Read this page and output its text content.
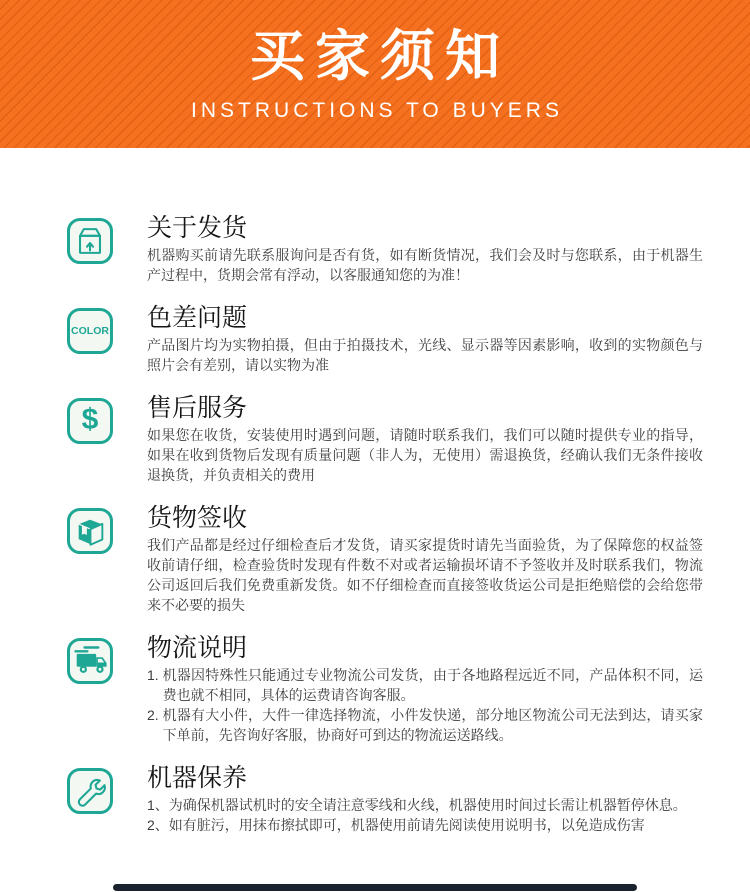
买家须知
INSTRUCTIONS TO BUYERS
关于发货

机器购买前请先联系服询问是否有货，如有断货情况，我们会及时与您联系，由于机器生产过程中，货期会常有浮动，以客服通知您的为准！

COLOR 色差问题

产品图片均为实物拍摄，但由于拍摄技术，光线、显示器等因素影响，收到的实物颜色与照片会有差别，请以实物为准

$ 售后服务

如果您在收货，安装使用时遇到问题，请随时联系我们，我们可以随时提供专业的指导，如果在收到货物后发现有质量问题（非人为，无使用）需退换货，经确认我们无条件接收退换货，并负责相关的费用

货物签收

我们产品都是经过仔细检查后才发货，请买家提货时请先当面验货，为了保障您的权益签收前请仔细，检查验货时发现有件数不对或者运输损坏请不予签收并及时联系我们，物流公司返回后我们免费重新发货。如不仔细检查而直接签收货运公司是拒绝赔偿的会给您带来不必要的损失

物流说明
1. 机器因特殊性只能通过专业物流公司发货，由于各地路程远近不同，产品体积不同，运费也就不相同，具体的运费请咨询客服。
2. 机器有大小件，大件一律选择物流，小件发快递，部分地区物流公司无法到达，请买家下单前，先咨询好客服，协商好可到达的物流运送路线。
机器保养
1、 为确保机器试机时的安全请注意零线和火线，机器使用时间过长需让机器暂停休息。
2、 如有脏污，用抹布擦拭即可，机器使用前请先阅读使用说明书，以免造成伤害
